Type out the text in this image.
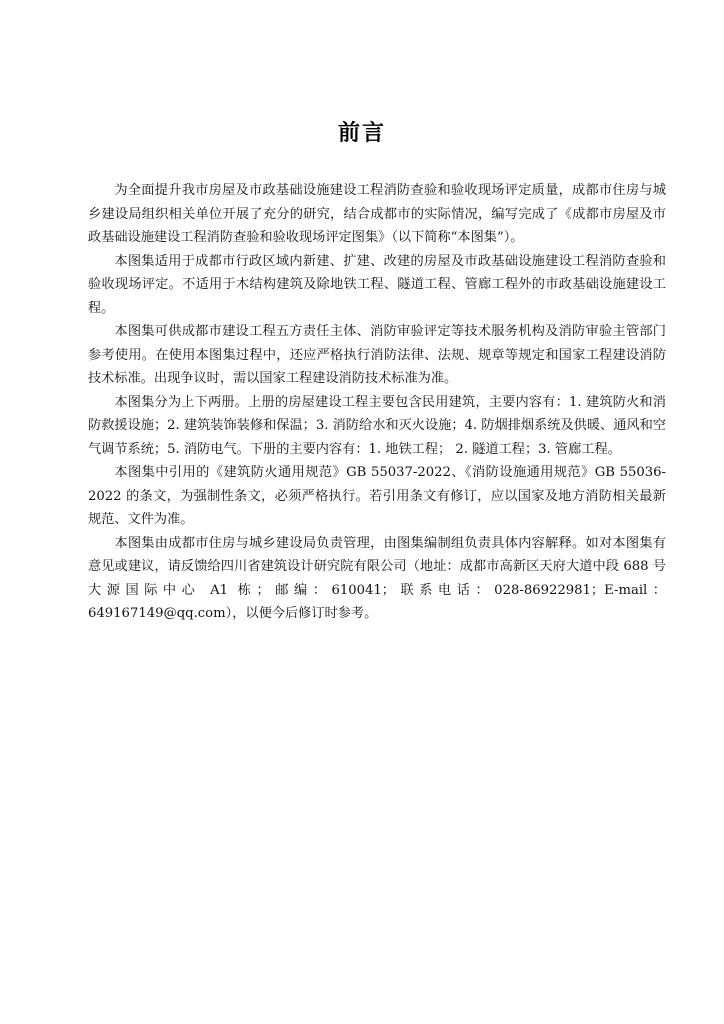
前言

为全面提升我市房屋及市政基础设施建设工程消防查验和验收现场评定质量，成都市住房与城乡建设局组织相关单位开展了充分的研究，结合成都市的实际情况，编写完成了《成都市房屋及市政基础设施建设工程消防查验和验收现场评定图集》（以下简称“本图集”）。

本图集适用于成都市行政区域内新建、扩建、改建的房屋及市政基础设施建设工程消防查验和验收现场评定。不适用于木结构建筑及除地铁工程、隧道工程、管廊工程外的市政基础设施建设工程。

本图集可供成都市建设工程五方责任主体、消防审验评定等技术服务机构及消防审验主管部门参考使用。在使用本图集过程中，还应严格执行消防法律、法规、规章等规定和国家工程建设消防技术标准。出现争议时，需以国家工程建设消防技术标准为准。

本图集分为上下两册。上册的房屋建设工程主要包含民用建筑，主要内容有：1. 建筑防火和消防救援设施；2. 建筑装饰装修和保温；3. 消防给水和灭火设施；4. 防烟排烟系统及供暖、通风和空气调节系统；5. 消防电气。下册的主要内容有：1. 地铁工程； 2. 隧道工程；3. 管廊工程。

本图集中引用的《建筑防火通用规范》GB 55037-2022、《消防设施通用规范》GB 55036-2022 的条文，为强制性条文，必须严格执行。若引用条文有修订，应以国家及地方消防相关最新规范、文件为准。

本图集由成都市住房与城乡建设局负责管理，由图集编制组负责具体内容解释。如对本图集有意见或建议，请反馈给四川省建筑设计研究院有限公司（地址：成都市高新区天府大道中段 688 号大源国际中心 A1 栋；邮编：610041；联系电话：028-86922981；E-mail：649167149@qq.com），以便今后修订时参考。
